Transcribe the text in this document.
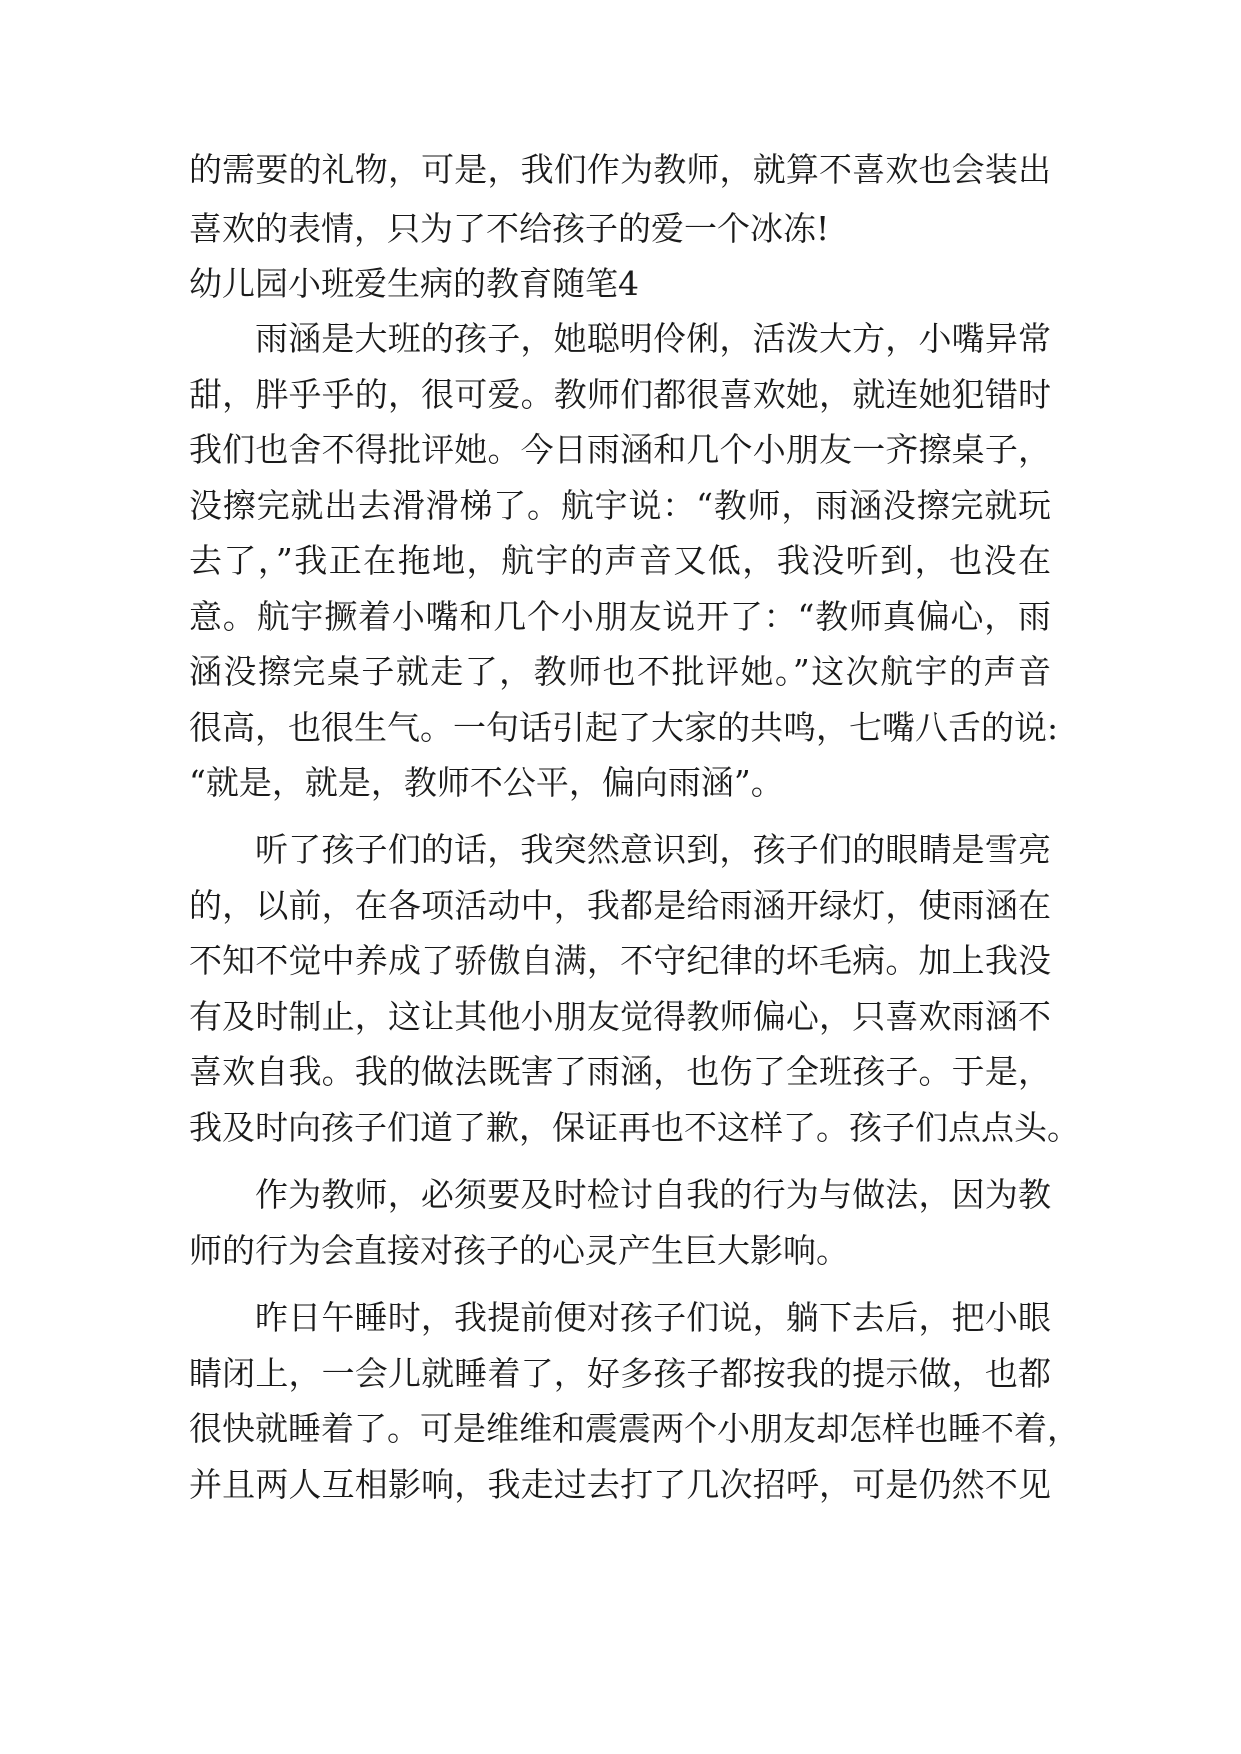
的需要的礼物，可是，我们作为教师，就算不喜欢也会装出
喜欢的表情，只为了不给孩子的爱一个冰冻!
幼儿园小班爱生病的教育随笔4
雨涵是大班的孩子，她聪明伶俐，活泼大方，小嘴异常
甜，胖乎乎的，很可爱。教师们都很喜欢她，就连她犯错时
我们也舍不得批评她。今日雨涵和几个小朋友一齐擦桌子，
没擦完就出去滑滑梯了。航宇说：“教师，雨涵没擦完就玩
去了，”我正在拖地，航宇的声音又低，我没听到，也没在
意。航宇撅着小嘴和几个小朋友说开了：“教师真偏心，雨
涵没擦完桌子就走了，教师也不批评她。”这次航宇的声音
很高，也很生气。一句话引起了大家的共鸣，七嘴八舌的说:
“就是，就是，教师不公平，偏向雨涵”。
听了孩子们的话，我突然意识到，孩子们的眼睛是雪亮
的，以前，在各项活动中，我都是给雨涵开绿灯，使雨涵在
不知不觉中养成了骄傲自满，不守纪律的坏毛病。加上我没
有及时制止，这让其他小朋友觉得教师偏心，只喜欢雨涵不
喜欢自我。我的做法既害了雨涵，也伤了全班孩子。于是，
我及时向孩子们道了歉，保证再也不这样了。孩子们点点头。
作为教师，必须要及时检讨自我的行为与做法，因为教
师的行为会直接对孩子的心灵产生巨大影响。
昨日午睡时，我提前便对孩子们说，躺下去后，把小眼
睛闭上，一会儿就睡着了，好多孩子都按我的提示做，也都
很快就睡着了。可是维维和震震两个小朋友却怎样也睡不着，
并且两人互相影响，我走过去打了几次招呼，可是仍然不见
